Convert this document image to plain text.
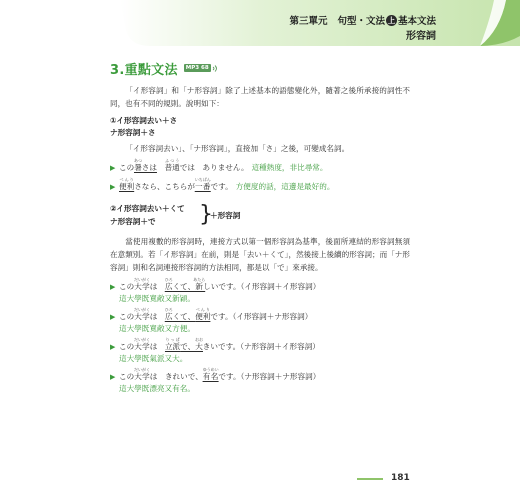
第三單元 句型・文法 上 基本文法
形容詞
3.重點文法	MP3 68

「イ形容詞」和「ナ形容詞」除了上述基本的語態變化外，隨著之後所承接的詞性不同，也有不同的規則。說明如下：

①イ形容詞去い＋さ
ナ形容詞＋さ

「イ形容詞去い」、「ナ形容詞」，直接加「さ」之後，可變成名詞。

▶ この暑あつさは　 普通ふつうでは　ありません。 這種熱度，非比尋常。
▶ 便利べんりさなら、こちらが一番いちばんです。 方便度的話，這邊是最好的。
②イ形容詞去い＋くて
ナ形容詞＋で }
＋形容詞

當使用複數的形容詞時，連接方式以第一個形容詞為基準，後面所連結的形容詞無須在意類別。若「イ形容詞」在前，則是「去い＋くて」，然後接上後續的形容詞；而「ナ形容詞」則和名詞連接形容詞的方法相同，都是以「で」來承接。

▶ この大学だいがくは　広ひろくて、新あたらしいです。（イ形容詞＋イ形容詞）
這大學既寬敞又新穎。
▶ この大学だいがくは　広ひろくて、便利べんりです。（イ形容詞＋ナ形容詞）
這大學既寬敞又方便。
▶ この大学だいがくは　立派りっぱで、大おおきいです。（ナ形容詞＋イ形容詞）
這大學既氣派又大。
▶ この大学だいがくは　きれいで、有名ゆうめいです。（ナ形容詞＋ナ形容詞）
這大學既漂亮又有名。
181
